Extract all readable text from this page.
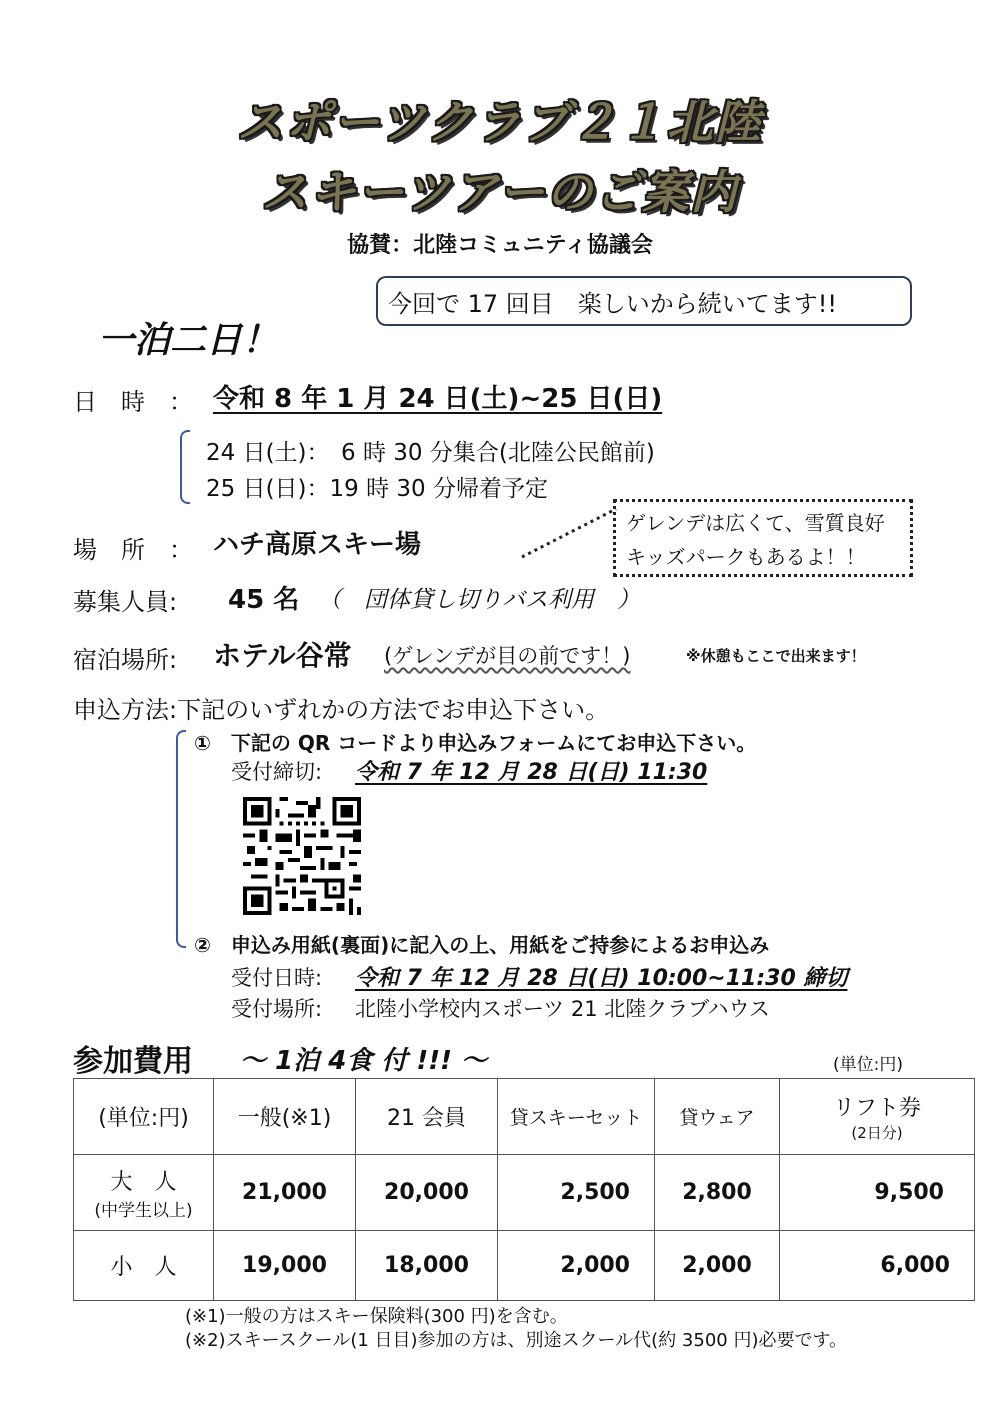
スポーツクラブ２１北陸
スキーツアーのご案内
協賛：北陸コミュニティ協議会
今回で 17 回目　楽しいから続いてます!!
一泊二日！
日　時　： 令和 8 年 1 月 24 日(土)~25 日(日)
24 日(土)：　6 時 30 分集合(北陸公民館前)
25 日(日)：19 時 30 分帰着予定
場　所　： ハチ高原スキー場
ゲレンデは広くて、雪質良好
キッズパークもあるよ！！
募集人員: 45 名 （　団体貸し切りバス利用　）
宿泊場所: ホテル谷常 (ゲレンデが目の前です！)	※休憩もここで出来ます！
申込方法:下記のいずれかの方法でお申込下さい。
①　下記の QR コードより申込みフォームにてお申込下さい。
受付締切: 令和 7 年 12 月 28 日(日) 11:30
②　申込み用紙(裏面)に記入の上、用紙をご持参によるお申込み
受付日時: 令和 7 年 12 月 28 日(日) 10:00~11:30 締切
受付場所: 北陸小学校内スポーツ 21 北陸クラブハウス
参加費用 ～ 1泊 4食 付 !!! ～	(単位:円)
(単位:円)	一般(※1)	21 会員	貸スキーセット	貸ウェア	リフト券
(2日分)

大　人
(中学生以上)	21,000	20,000	2,500	2,800	9,500
小　人	19,000	18,000	2,000	2,000	6,000
(※1)一般の方はスキー保険料(300 円)を含む。
(※2)スキースクール(1 日目)参加の方は、別途スクール代(約 3500 円)必要です。
